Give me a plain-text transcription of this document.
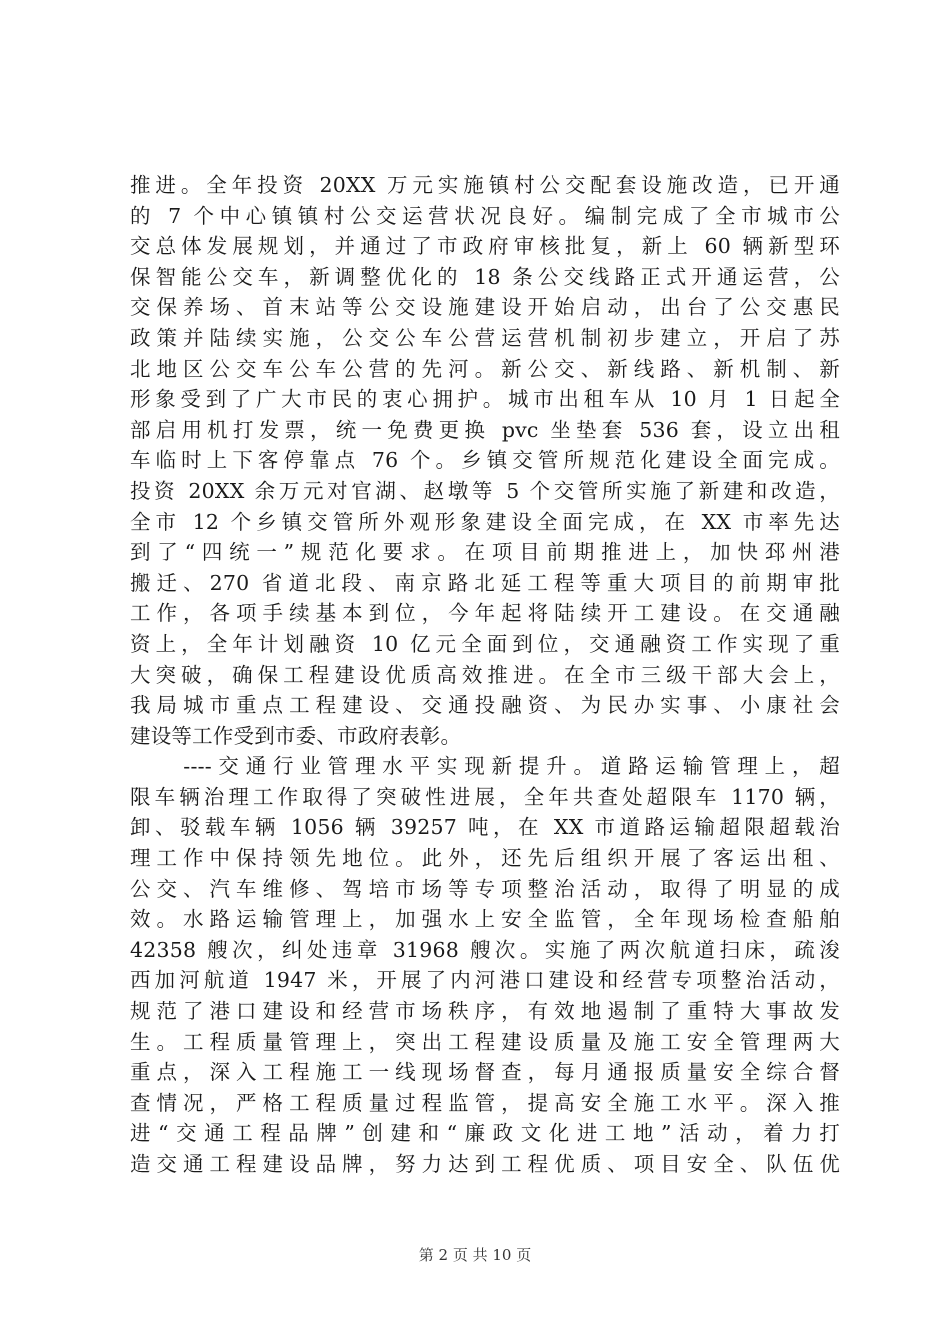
推进。全年投资 20XX 万元实施镇村公交配套设施改造，已开通
的 7 个中心镇镇村公交运营状况良好。编制完成了全市城市公
交总体发展规划，并通过了市政府审核批复，新上 60 辆新型环
保智能公交车，新调整优化的 18 条公交线路正式开通运营，公
交保养场、首末站等公交设施建设开始启动，出台了公交惠民
政策并陆续实施，公交公车公营运营机制初步建立，开启了苏
北地区公交车公车公营的先河。新公交、新线路、新机制、新
形象受到了广大市民的衷心拥护。城市出租车从 10 月 1 日起全
部启用机打发票，统一免费更换 pvc 坐垫套 536 套，设立出租
车临时上下客停靠点 76 个。乡镇交管所规范化建设全面完成。
投资 20XX 余万元对官湖、赵墩等 5 个交管所实施了新建和改造，
全市 12 个乡镇交管所外观形象建设全面完成，在 XX 市率先达
到了“四统一”规范化要求。在项目前期推进上，加快邳州港
搬迁、270 省道北段、南京路北延工程等重大项目的前期审批
工作，各项手续基本到位，今年起将陆续开工建设。在交通融
资上，全年计划融资 10 亿元全面到位，交通融资工作实现了重
大突破，确保工程建设优质高效推进。在全市三级干部大会上，
我局城市重点工程建设、交通投融资、为民办实事、小康社会
建设等工作受到市委、市政府表彰。
----交通行业管理水平实现新提升。道路运输管理上，超
限车辆治理工作取得了突破性进展，全年共查处超限车 1170 辆，
卸、驳载车辆 1056 辆 39257 吨，在 XX 市道路运输超限超载治
理工作中保持领先地位。此外，还先后组织开展了客运出租、
公交、汽车维修、驾培市场等专项整治活动，取得了明显的成
效。水路运输管理上，加强水上安全监管，全年现场检查船舶
42358 艘次，纠处违章 31968 艘次。实施了两次航道扫床，疏浚
西加河航道 1947 米，开展了内河港口建设和经营专项整治活动，
规范了港口建设和经营市场秩序，有效地遏制了重特大事故发
生。工程质量管理上，突出工程建设质量及施工安全管理两大
重点，深入工程施工一线现场督查，每月通报质量安全综合督
查情况，严格工程质量过程监管，提高安全施工水平。深入推
进“交通工程品牌”创建和“廉政文化进工地”活动，着力打
造交通工程建设品牌，努力达到工程优质、项目安全、队伍优
第 2 页 共 10 页
